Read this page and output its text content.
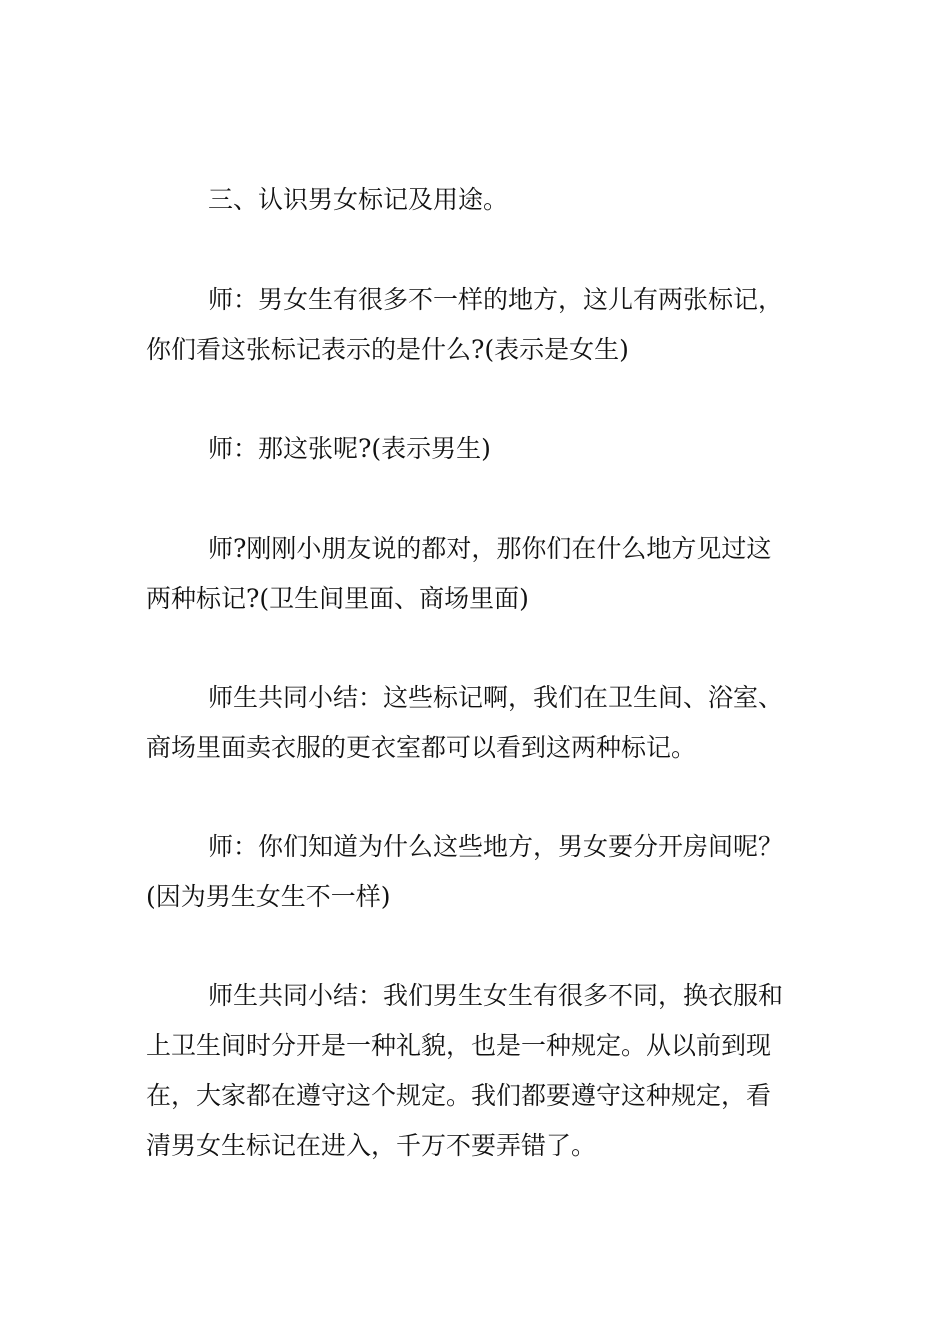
三、认识男女标记及用途。

师：男女生有很多不一样的地方，这儿有两张标记，

你们看这张标记表示的是什么?(表示是女生)

师：那这张呢?(表示男生)

师?刚刚小朋友说的都对，那你们在什么地方见过这

两种标记?(卫生间里面、商场里面)

师生共同小结：这些标记啊，我们在卫生间、浴室、

商场里面卖衣服的更衣室都可以看到这两种标记。

师：你们知道为什么这些地方，男女要分开房间呢？

(因为男生女生不一样)

师生共同小结：我们男生女生有很多不同，换衣服和

上卫生间时分开是一种礼貌，也是一种规定。从以前到现

在，大家都在遵守这个规定。我们都要遵守这种规定，看

清男女生标记在进入，千万不要弄错了。
